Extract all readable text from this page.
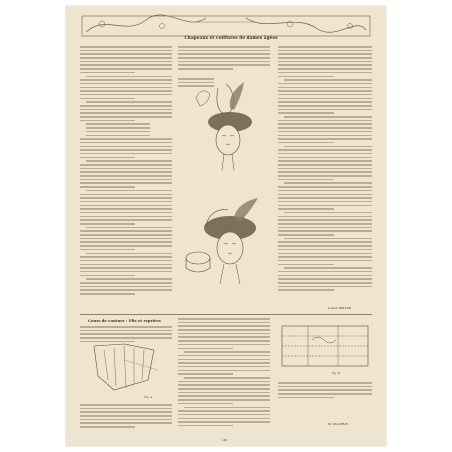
Chapeaux et coiffures de dames âgées
Louise WELLER
Cours de couture : Plis et repriées
Fig. A
Fig. B
M. VALLERAY
145
